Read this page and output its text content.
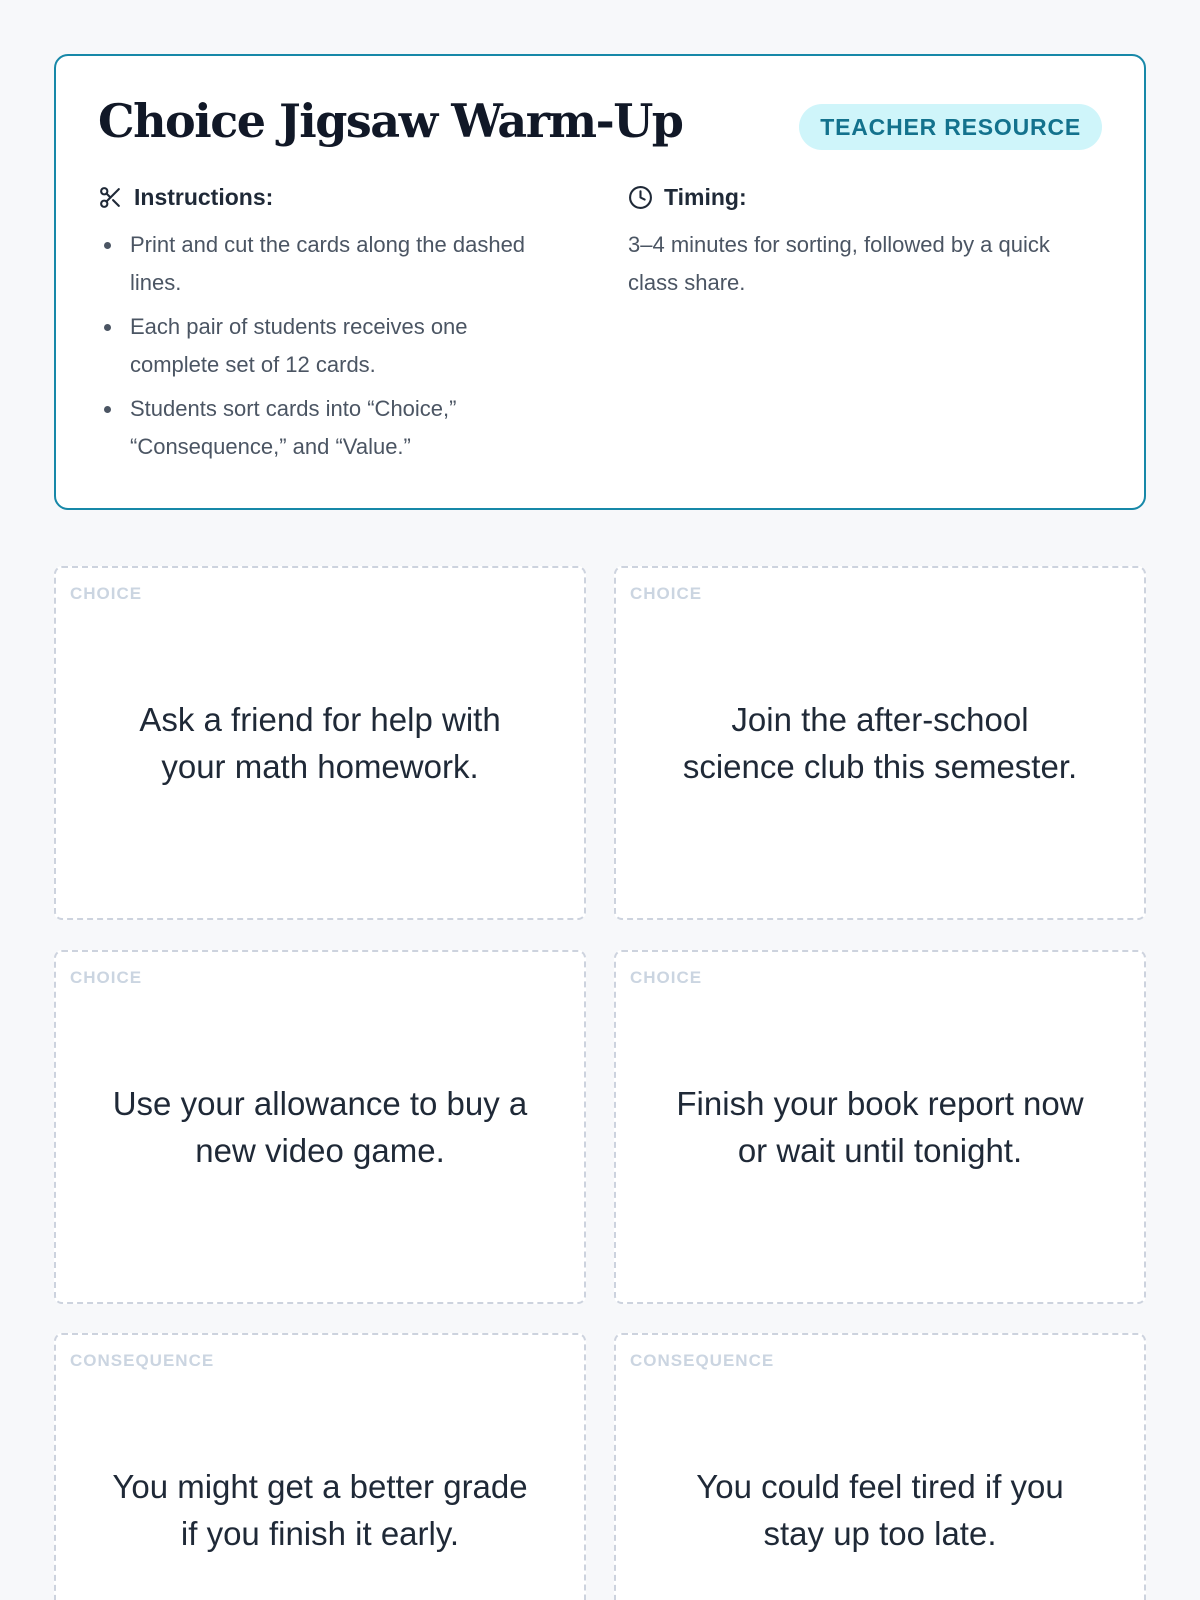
Choice Jigsaw Warm-Up	TEACHER RESOURCE
Instructions:
Print and cut the cards along the dashed lines.
Each pair of students receives one complete set of 12 cards.
Students sort cards into “Choice,” “Consequence,” and “Value.”
Timing:

3–4 minutes for sorting, followed by a quick class share.

CHOICE
Ask a friend for help with your math homework.
CHOICE
Join the after-school science club this semester.
CHOICE
Use your allowance to buy a new video game.
CHOICE
Finish your book report now or wait until tonight.
CONSEQUENCE
You might get a better grade if you finish it early.
CONSEQUENCE
You could feel tired if you stay up too late.
